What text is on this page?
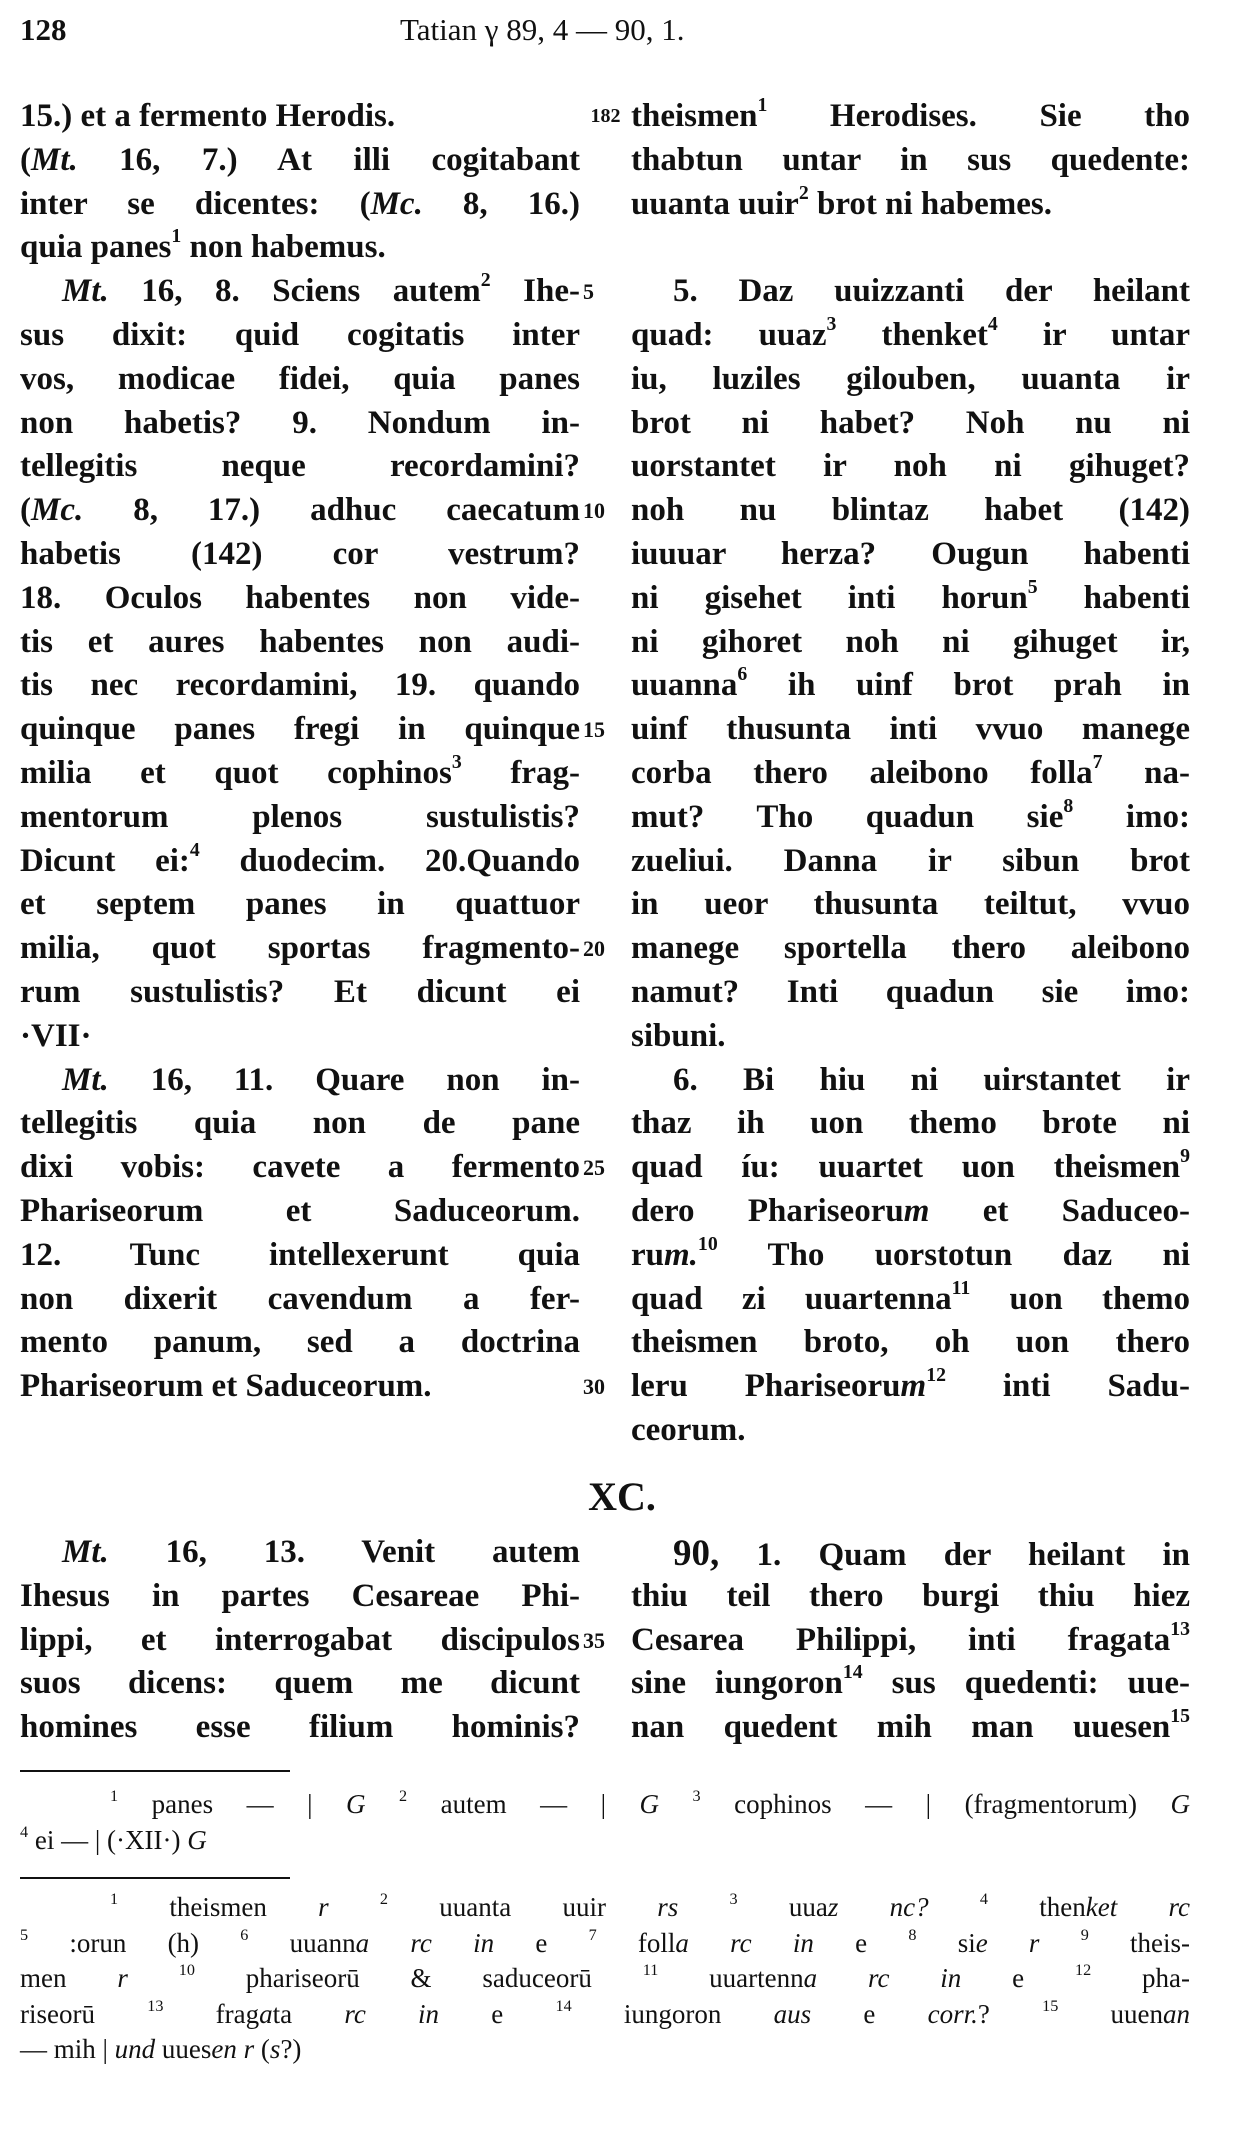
128	Tatian γ 89, 4 — 90, 1.
15.) et a fermento Herodis.
(Mt. 16, 7.) At illi cogitabant
inter se dicentes: (Mc. 8, 16.)
quia panes$^1$ non habemus.
Mt. 16, 8. Sciens autem$^2$ Ihe-
sus dixit: quid cogitatis inter
vos, modicae fidei, quia panes
non habetis? 9. Nondum in-
tellegitis neque recordamini?
(Mc. 8, 17.) adhuc caecatum
habetis (142) cor vestrum?
18. Oculos habentes non vide-
tis et aures habentes non audi-
tis nec recordamini, 19. quando
quinque panes fregi in quinque
milia et quot cophinos$^3$ frag-
mentorum plenos sustulistis?
Dicunt ei:$^4$ duodecim. 20.Quando
et septem panes in quattuor
milia, quot sportas fragmento-
rum sustulistis? Et dicunt ei
·VII·
Mt. 16, 11. Quare non in-
tellegitis quia non de pane
dixi vobis: cavete a fermento
Phariseorum et Saduceorum.
12. Tunc intellexerunt quia
non dixerit cavendum a fer-
mento panum, sed a doctrina
Phariseorum et Saduceorum.
182
5
10
15
20
25
30
theismen$^1$ Herodises. Sie tho
thabtun untar in sus quedente:
uuanta uuir$^2$ brot ni habemes.
5. Daz uuizzanti der heilant
quad: uuaz$^3$ thenket$^4$ ir untar
iu, luziles gilouben, uuanta ir
brot ni habet? Noh nu ni
uorstantet ir noh ni gihuget?
noh nu blintaz habet (142)
iuuuar herza? Ougun habenti
ni gisehet inti horun$^5$ habenti
ni gihoret noh ni gihuget ir,
uuanna$^6$ ih uinf brot prah in
uinf thusunta inti vvuo manege
corba thero aleibono folla$^7$ na-
mut? Tho quadun sie$^8$ imo:
zueliui. Danna ir sibun brot
in ueor thusunta teiltut, vvuo
manege sportella thero aleibono
namut? Inti quadun sie imo:
sibuni.
6. Bi hiu ni uirstantet ir
thaz ih uon themo brote ni
quad íu: uuartet uon theismen$^9$
dero Phariseorum et Saduceo-
rum.$^{10}$ Tho uorstotun daz ni
quad zi uuartenna$^{11}$ uon themo
theismen broto, oh uon thero
leru Phariseorum$^{12}$ inti Sadu-
ceorum.
XC.
Mt. 16, 13. Venit autem
Ihesus in partes Cesareae Phi-
lippi, et interrogabat discipulos
suos dicens: quem me dicunt
homines esse filium hominis?
35
90, 1. Quam der heilant in
thiu teil thero burgi thiu hiez
Cesarea Philippi, inti fragata$^{13}$
sine iungoron$^{14}$ sus quedenti: uue-
nan quedent mih man uuesen$^{15}$
$^1$ panes — | G $^2$ autem — | G $^3$ cophinos — | (fragmentorum) G
$^4$ ei — | (·XII·) G
$^1$ theismen r	$^2$ uuanta uuir rs	$^3$ uuaz nc?	$^4$ thenket rc
$^5$ :orun (h) $^6$ uuanna rc in e $^7$ folla rc in e $^8$ sie r	$^9$ theis-
men r	$^{10}$ phariseorū & saduceorū $^{11}$ uuartenna rc in e $^{12}$ pha-
riseorū $^{13}$ fragata rc in e $^{14}$ iungoron aus e corr.? $^{15}$ uuenan
— mih | und uuesen r (s?)
